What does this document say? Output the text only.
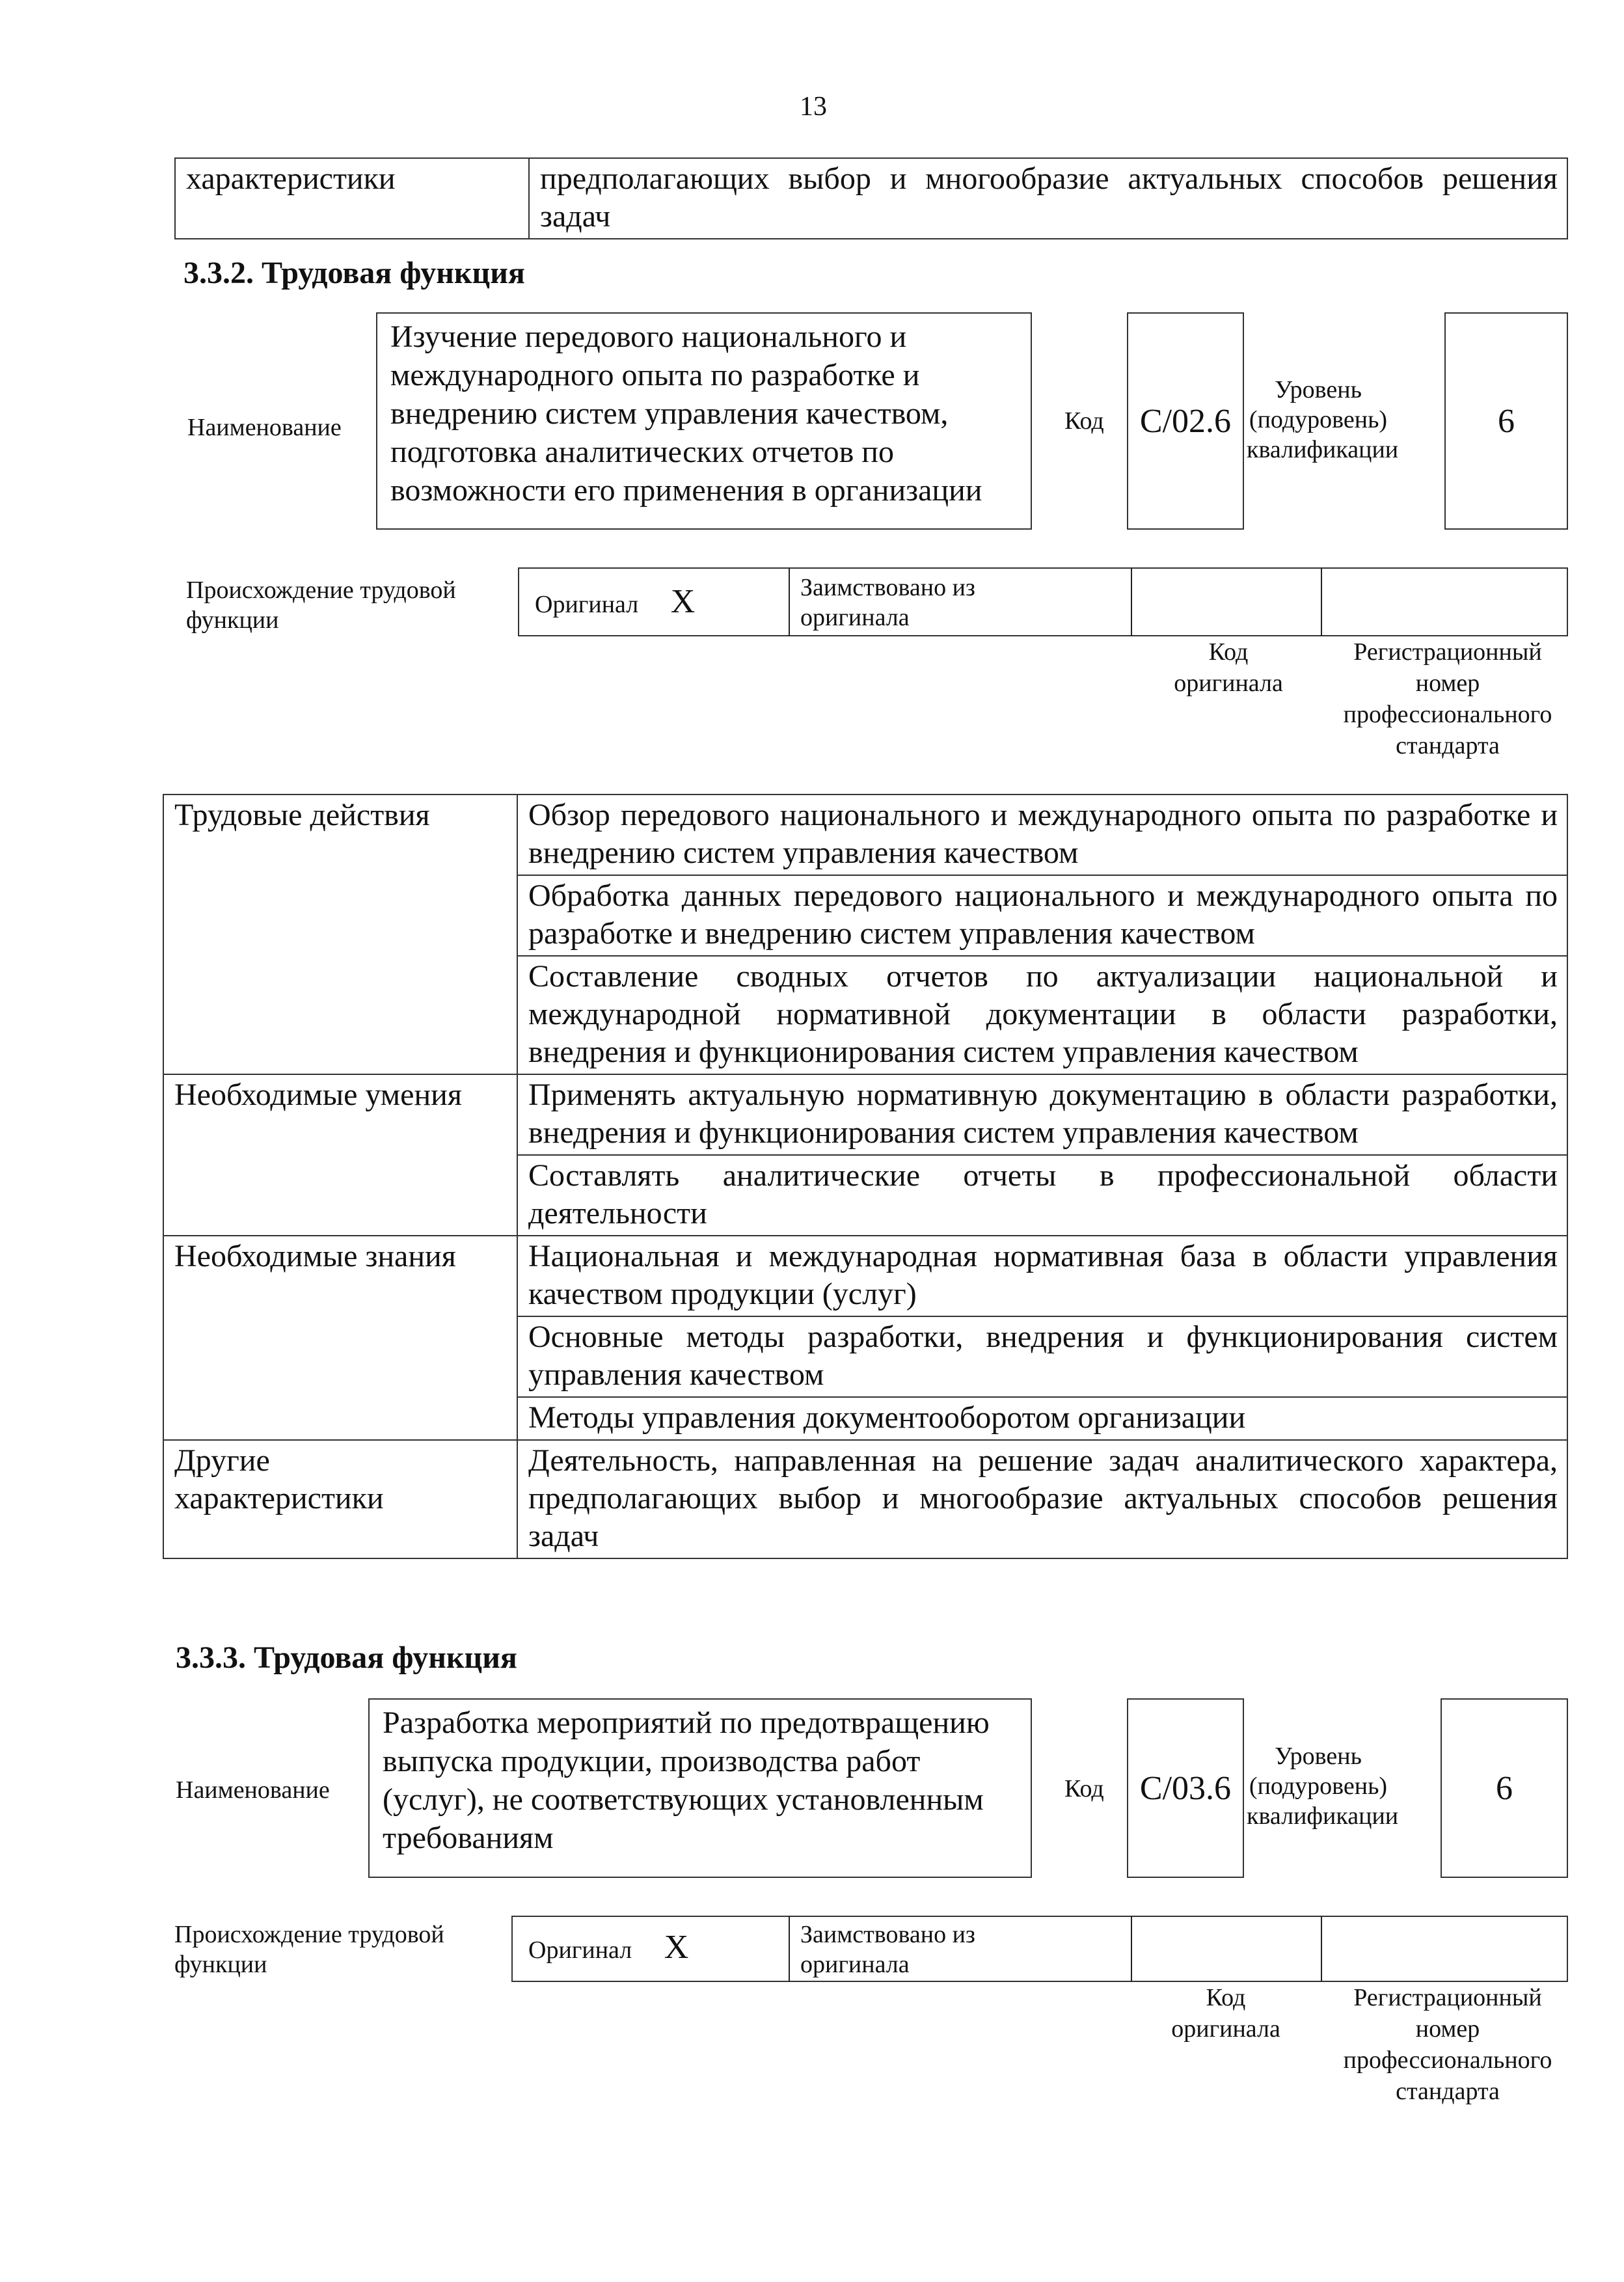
13
характеристики	предполагающих выбор и многообразие актуальных способов решения
задач
3.3.2. Трудовая функция
Наименование
Изучение передового национального и
международного опыта по разработке и
внедрению систем управления качеством,
подготовка аналитических отчетов по
возможности его применения в организации
Код	C/02.6
Уровень
(подуровень)
квалификации
6
Происхождение трудовой
функции
Оригинал X	Заимствовано из
оригинала
Код
оригинала
Регистрационный
номер
профессионального
стандарта
Трудовые действия	Обзор передового национального и международного опыта по разработке и внедрению систем управления качеством
	Обработка данных передового национального и международного опыта по разработке и внедрению систем управления качеством
	Составление сводных отчетов по актуализации национальной и международной нормативной документации в области разработки, внедрения и функционирования систем управления качеством
Необходимые умения	Применять актуальную нормативную документацию в области разработки, внедрения и функционирования систем управления качеством
	Составлять аналитические отчеты в профессиональной области деятельности
Необходимые знания	Национальная и международная нормативная база в области управления качеством продукции (услуг)
	Основные методы разработки, внедрения и функционирования систем управления качеством
	Методы управления документооборотом организации

Другие
характеристики	Деятельность, направленная на решение задач аналитического характера, предполагающих выбор и многообразие актуальных способов решения задач
3.3.3. Трудовая функция
Наименование
Разработка мероприятий по предотвращению
выпуска продукции, производства работ
(услуг), не соответствующих установленным
требованиям
Код	C/03.6
Уровень
(подуровень)
квалификации
6
Происхождение трудовой
функции
Оригинал X	Заимствовано из
оригинала
Код
оригинала
Регистрационный
номер
профессионального
стандарта
